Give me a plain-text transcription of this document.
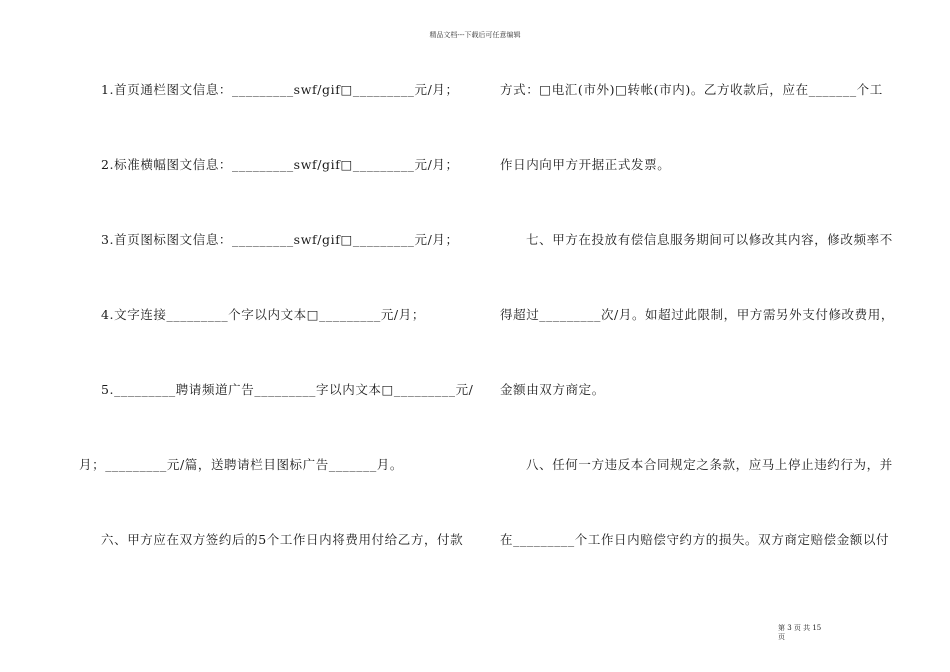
精品文档---下载后可任意编辑
1.首页通栏图文信息：_________swf/gif□_________元/月；
2.标准横幅图文信息：_________swf/gif□_________元/月；
3.首页图标图文信息：_________swf/gif□_________元/月；
4.文字连接_________个字以内文本□_________元/月；
5._________聘请频道广告_________字以内文本□_________元/
月；_________元/篇，送聘请栏目图标广告_______月。
六、甲方应在双方签约后的5个工作日内将费用付给乙方，付款
方式：□电汇(市外)□转帐(市内)。乙方收款后，应在_______个工
作日内向甲方开据正式发票。
七、甲方在投放有偿信息服务期间可以修改其内容，修改频率不
得超过_________次/月。如超过此限制，甲方需另外支付修改费用，
金额由双方商定。
八、任何一方违反本合同规定之条款，应马上停止违约行为，并
在_________个工作日内赔偿守约方的损失。双方商定赔偿金额以付
第 3 页 共 15
页
